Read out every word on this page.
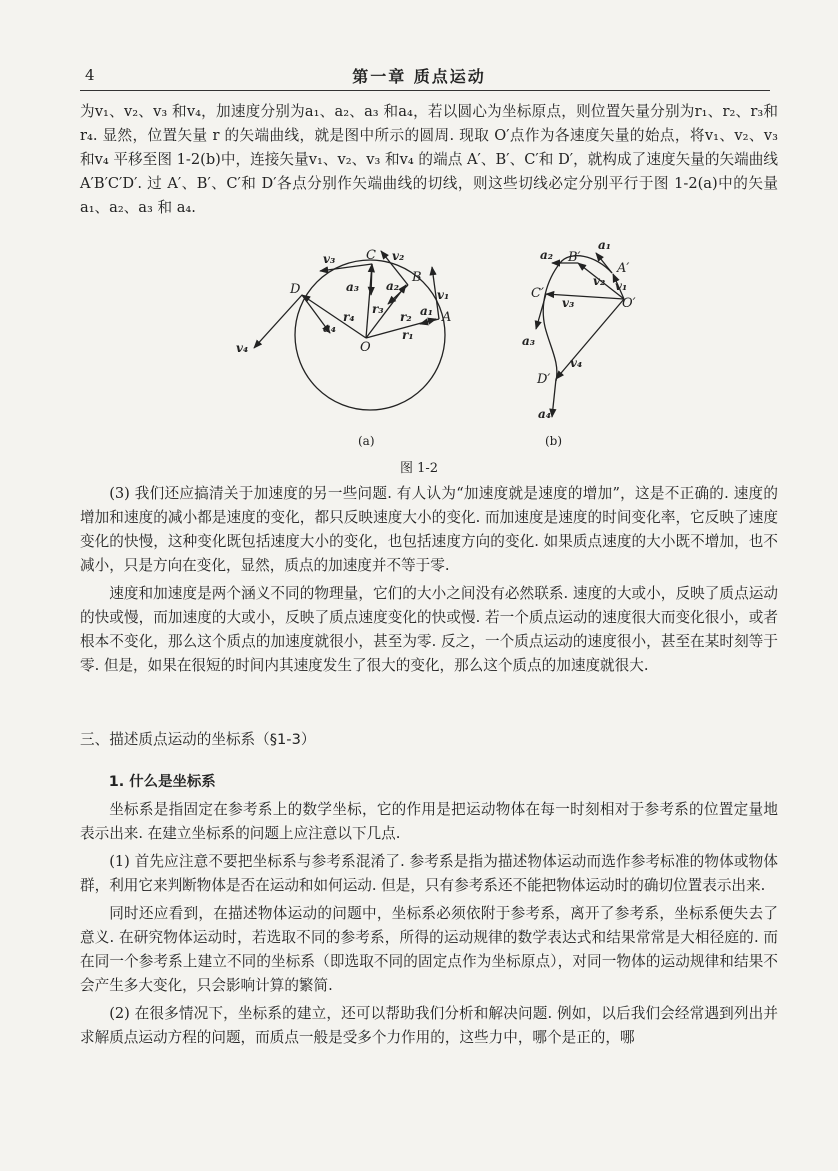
4	第一章 质点运动

为v₁、v₂、v₃ 和v₄，加速度分别为a₁、a₂、a₃ 和a₄，若以圆心为坐标原点，则位置矢量分别为r₁、r₂、r₃和r₄. 显然，位置矢量 r 的矢端曲线，就是图中所示的圆周. 现取 O′点作为各速度矢量的始点，将v₁、v₂、v₃ 和v₄ 平移至图 1-2(b)中，连接矢量v₁、v₂、v₃ 和v₄ 的端点 A′、B′、C′和 D′，就构成了速度矢量的矢端曲线 A′B′C′D′. 过 A′、B′、C′和 D′各点分别作矢端曲线的切线，则这些切线必定分别平行于图 1-2(a)中的矢量 a₁、a₂、a₃ 和 a₄.

A
B
C
D
O
v₁
v₂
v₃
v₄
a₁
a₂
a₃
a₄	r₁
r₂
r₃
r₄
(a)
A′
B′
C′
D′
O′
v₁
v₂
v₃
v₄
a₁
a₂
a₃
a₄
(b)
图 1-2

(3) 我们还应搞清关于加速度的另一些问题. 有人认为“加速度就是速度的增加”，这是不正确的. 速度的增加和速度的减小都是速度的变化，都只反映速度大小的变化. 而加速度是速度的时间变化率，它反映了速度变化的快慢，这种变化既包括速度大小的变化，也包括速度方向的变化. 如果质点速度的大小既不增加，也不减小，只是方向在变化，显然，质点的加速度并不等于零.

速度和加速度是两个涵义不同的物理量，它们的大小之间没有必然联系. 速度的大或小，反映了质点运动的快或慢，而加速度的大或小，反映了质点速度变化的快或慢. 若一个质点运动的速度很大而变化很小，或者根本不变化，那么这个质点的加速度就很小，甚至为零. 反之，一个质点运动的速度很小，甚至在某时刻等于零. 但是，如果在很短的时间内其速度发生了很大的变化，那么这个质点的加速度就很大.

三、描述质点运动的坐标系（§1-3）

1. 什么是坐标系

坐标系是指固定在参考系上的数学坐标，它的作用是把运动物体在每一时刻相对于参考系的位置定量地表示出来. 在建立坐标系的问题上应注意以下几点.

(1) 首先应注意不要把坐标系与参考系混淆了. 参考系是指为描述物体运动而选作参考标准的物体或物体群，利用它来判断物体是否在运动和如何运动. 但是，只有参考系还不能把物体运动时的确切位置表示出来.

同时还应看到，在描述物体运动的问题中，坐标系必须依附于参考系，离开了参考系，坐标系便失去了意义. 在研究物体运动时，若选取不同的参考系，所得的运动规律的数学表达式和结果常常是大相径庭的. 而在同一个参考系上建立不同的坐标系（即选取不同的固定点作为坐标原点），对同一物体的运动规律和结果不会产生多大变化，只会影响计算的繁简.

(2) 在很多情况下，坐标系的建立，还可以帮助我们分析和解决问题. 例如，以后我们会经常遇到列出并求解质点运动方程的问题，而质点一般是受多个力作用的，这些力中，哪个是正的，哪
